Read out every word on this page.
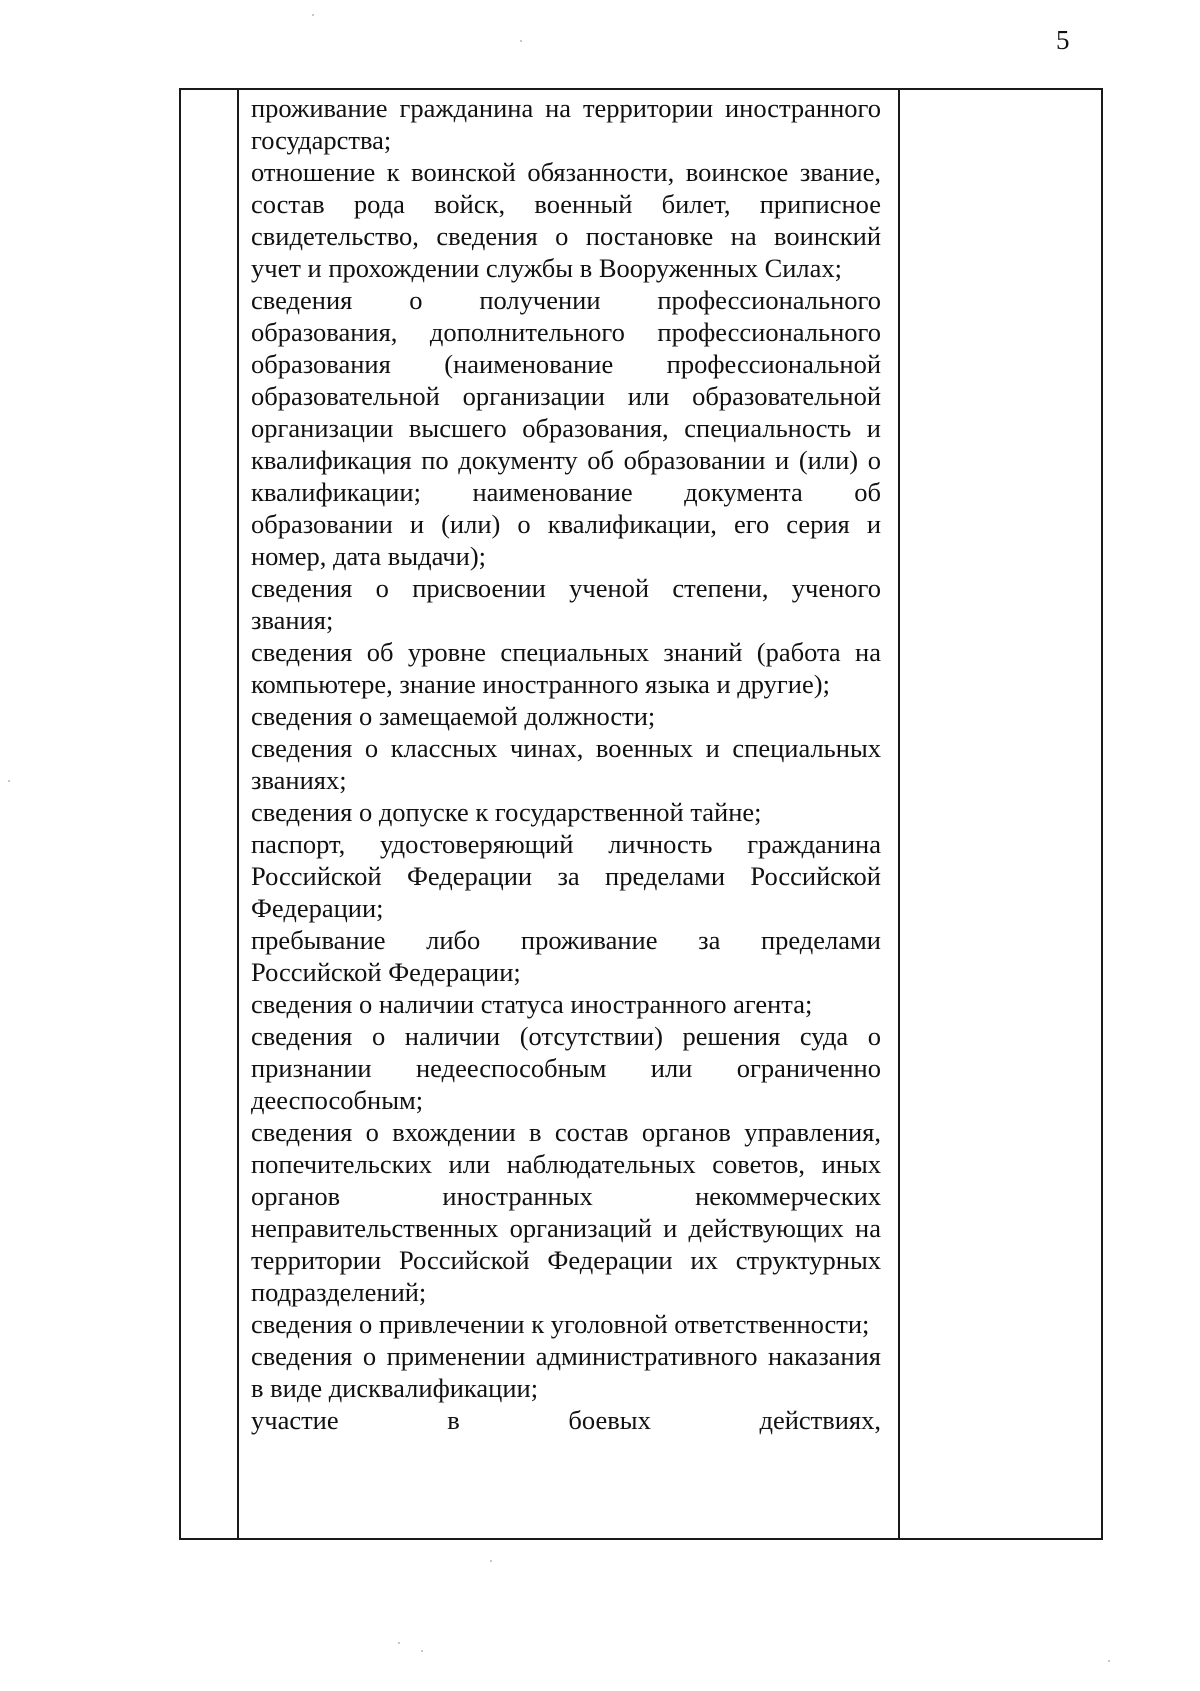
5

проживание гражданина на территории иностранного государства;

отношение к воинской обязанности, воинское звание, состав рода войск, военный билет, приписное свидетельство, сведения о постановке на воинский учет и прохождении службы в Вооруженных Силах;

сведения о получении профессионального образования, дополнительного профессионального образования (наименование профессиональной образовательной организации или образовательной организации высшего образования, специальность и квалификация по документу об образовании и (или) о квалификации; наименование документа об образовании и (или) о квалификации, его серия и номер, дата выдачи);

сведения о присвоении ученой степени, ученого звания;

сведения об уровне специальных знаний (работа на компьютере, знание иностранного языка и другие);

сведения о замещаемой должности;

сведения о классных чинах, военных и специальных званиях;

сведения о допуске к государственной тайне;

паспорт, удостоверяющий личность гражданина Российской Федерации за пределами Российской Федерации;

пребывание либо проживание за пределами Российской Федерации;

сведения о наличии статуса иностранного агента;

сведения о наличии (отсутствии) решения суда о признании недееспособным или ограниченно дееспособным;

сведения о вхождении в состав органов управления, попечительских или наблюдательных советов, иных органов иностранных некоммерческих неправительственных организаций и действующих на территории Российской Федерации их структурных подразделений;

сведения о привлечении к уголовной ответственности;

сведения о применении административного наказания в виде дисквалификации;

участие в боевых действиях,
